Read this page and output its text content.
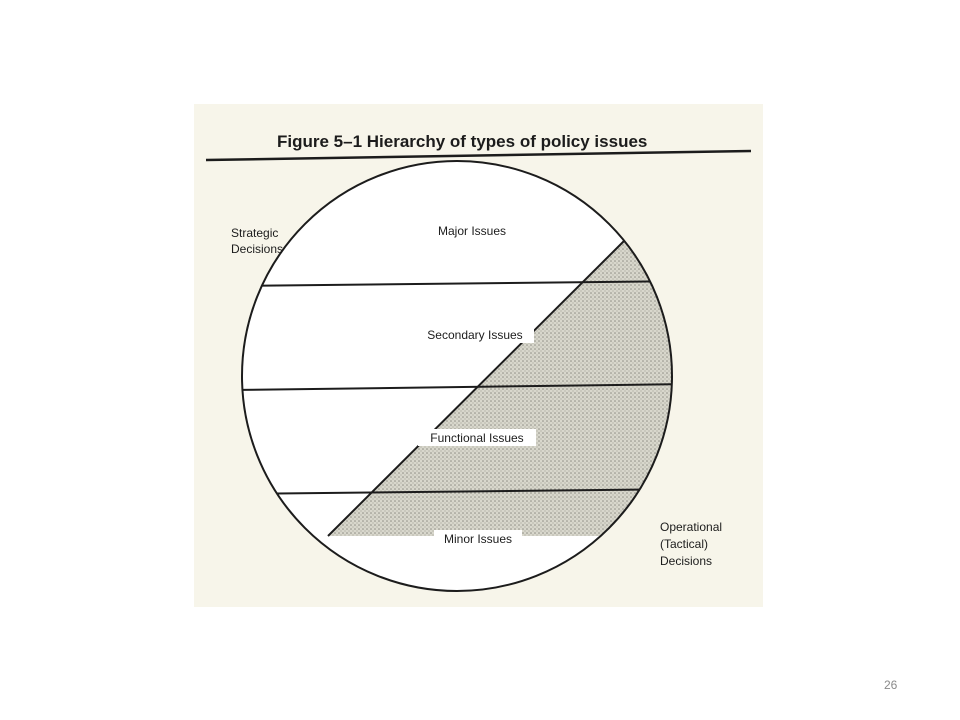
Figure 5–1 Hierarchy of types of policy issues
Major Issues
Secondary Issues
Functional Issues
Minor Issues
Strategic
Decisions
Operational
(Tactical)
Decisions
26
